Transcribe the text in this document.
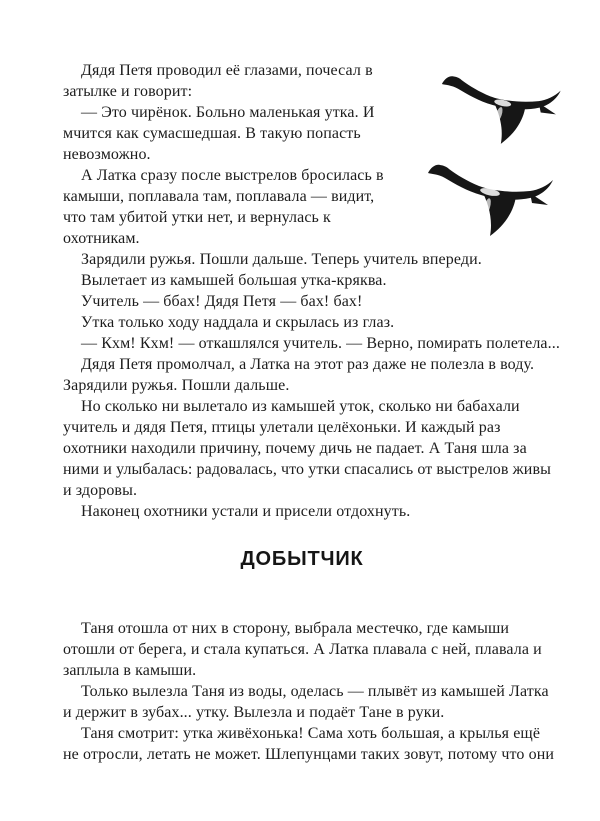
Дядя Петя проводил её глазами, почесал в
затылке и говорит:
— Это чирёнок. Больно маленькая утка. И
мчится как сумасшедшая. В такую попасть
невозможно.
А Латка сразу после выстрелов бросилась в
камыши, поплавала там, поплавала — видит,
что там убитой утки нет, и вернулась к
охотникам.
Зарядили ружья. Пошли дальше. Теперь учитель впереди.
Вылетает из камышей большая утка-кряква.
Учитель — ббах! Дядя Петя — бах! бах!
Утка только ходу наддала и скрылась из глаз.
— Кхм! Кхм! — откашлялся учитель. — Верно, помирать полетела...
Дядя Петя промолчал, а Латка на этот раз даже не полезла в воду.
Зарядили ружья. Пошли дальше.
Но сколько ни вылетало из камышей уток, сколько ни бабахали
учитель и дядя Петя, птицы улетали целёхоньки. И каждый раз
охотники находили причину, почему дичь не падает. А Таня шла за
ними и улыбалась: радовалась, что утки спасались от выстрелов живы
и здоровы.
Наконец охотники устали и присели отдохнуть.
ДОБЫТЧИК
Таня отошла от них в сторону, выбрала местечко, где камыши
отошли от берега, и стала купаться. А Латка плавала с ней, плавала и
заплыла в камыши.
Только вылезла Таня из воды, оделась — плывёт из камышей Латка
и держит в зубах... утку. Вылезла и подаёт Тане в руки.
Таня смотрит: утка живёхонька! Сама хоть большая, а крылья ещё
не отросли, летать не может. Шлепунцами таких зовут, потому что они
